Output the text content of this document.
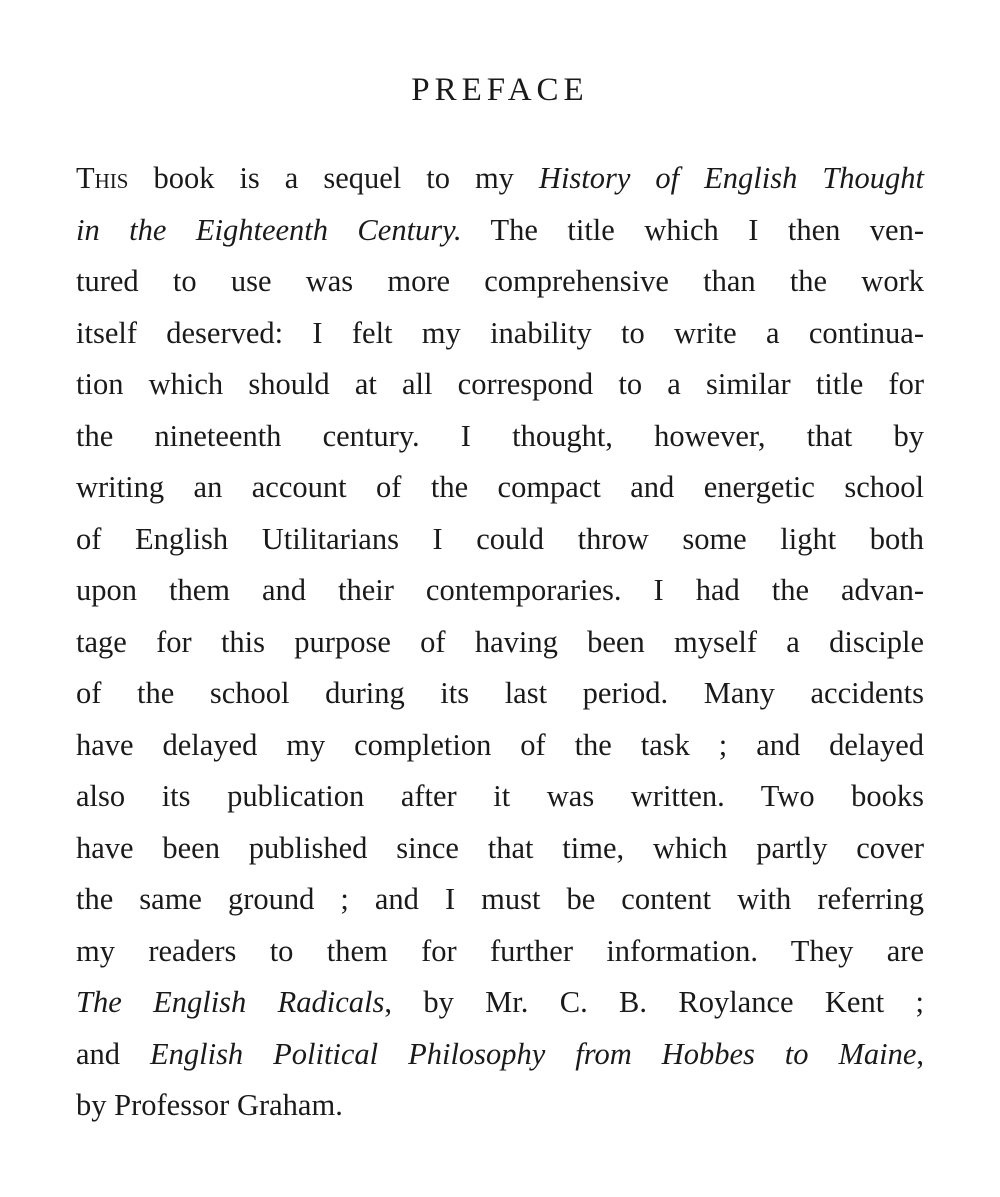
PREFACE
This book is a sequel to my History of English Thought
in the Eighteenth Century. The title which I then ven-
tured to use was more comprehensive than the work
itself deserved: I felt my inability to write a continua-
tion which should at all correspond to a similar title for
the nineteenth century. I thought, however, that by
writing an account of the compact and energetic school
of English Utilitarians I could throw some light both
upon them and their contemporaries. I had the advan-
tage for this purpose of having been myself a disciple
of the school during its last period. Many accidents
have delayed my completion of the task ; and delayed
also its publication after it was written. Two books
have been published since that time, which partly cover
the same ground ; and I must be content with referring
my readers to them for further information. They are
The English Radicals, by Mr. C. B. Roylance Kent ;
and English Political Philosophy from Hobbes to Maine,
by Professor Graham.
